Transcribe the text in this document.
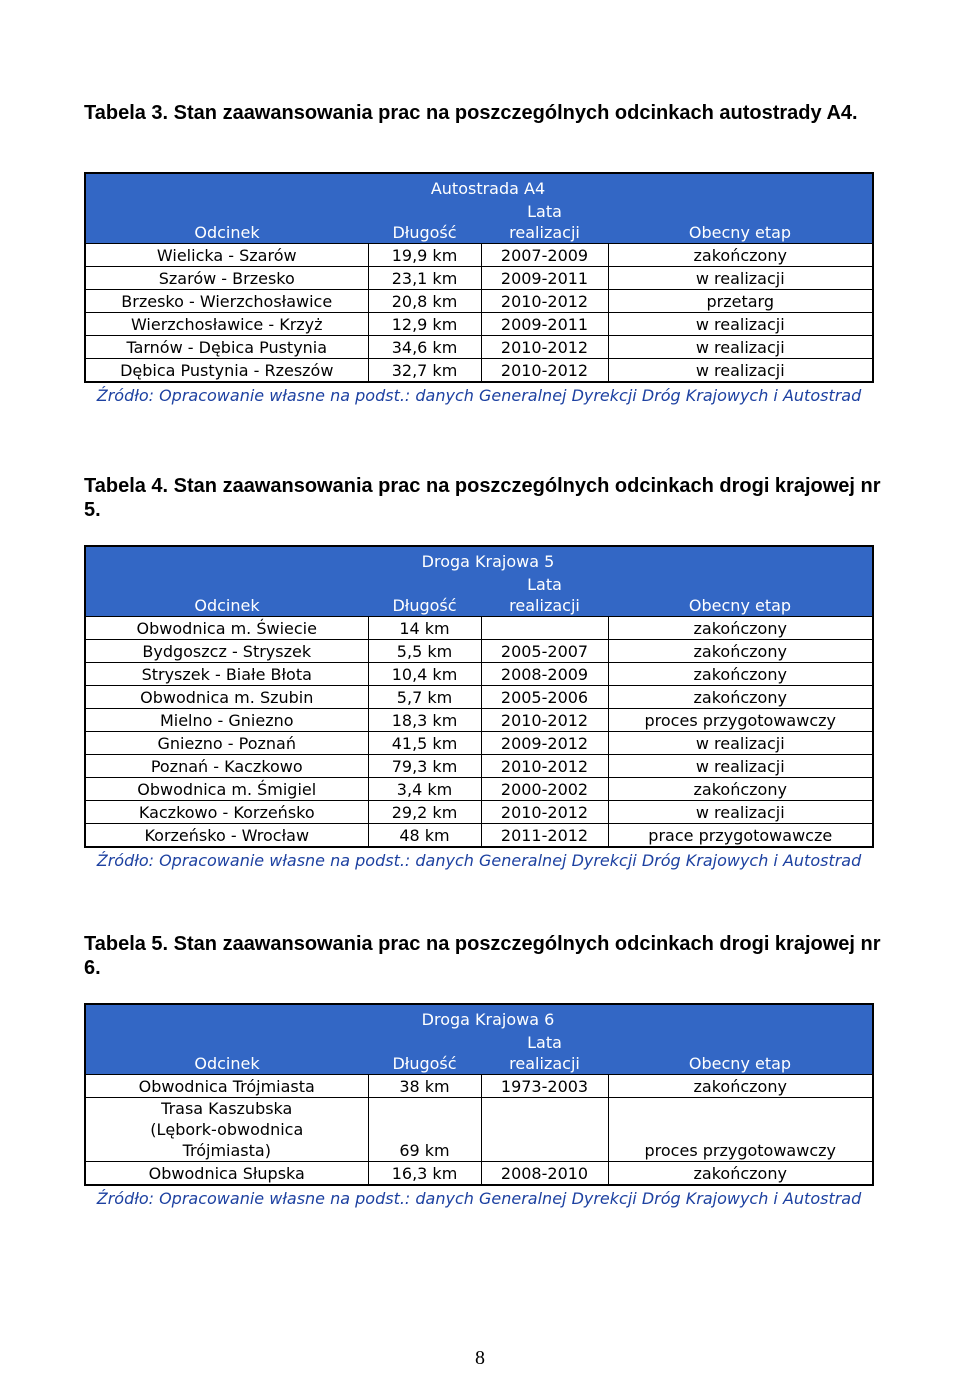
Tabela 3. Stan zaawansowania prac na poszczególnych odcinkach autostrady A4.
	Autostrada A4		
Odcinek	Długość	Lata
realizacji	Obecny etap
Wielicka - Szarów	19,9 km	2007-2009	zakończony
Szarów - Brzesko	23,1 km	2009-2011	w realizacji
Brzesko - Wierzchosławice	20,8 km	2010-2012	przetarg
Wierzchosławice - Krzyż	12,9 km	2009-2011	w realizacji
Tarnów - Dębica Pustynia	34,6 km	2010-2012	w realizacji
Dębica Pustynia - Rzeszów	32,7 km	2010-2012	w realizacji
Źródło: Opracowanie własne na podst.: danych Generalnej Dyrekcji Dróg Krajowych i Autostrad			
Tabela 4. Stan zaawansowania prac na poszczególnych odcinkach drogi krajowej nr 5.
	Droga Krajowa 5		
Odcinek	Długość	Lata
realizacji	Obecny etap
Obwodnica m. Świecie	14 km		zakończony
Bydgoszcz - Stryszek	5,5 km	2005-2007	zakończony
Stryszek - Białe Błota	10,4 km	2008-2009	zakończony
Obwodnica m. Szubin	5,7 km	2005-2006	zakończony
Mielno - Gniezno	18,3 km	2010-2012	proces przygotowawczy
Gniezno - Poznań	41,5 km	2009-2012	w realizacji
Poznań - Kaczkowo	79,3 km	2010-2012	w realizacji
Obwodnica m. Śmigiel	3,4 km	2000-2002	zakończony
Kaczkowo - Korzeńsko	29,2 km	2010-2012	w realizacji
Korzeńsko - Wrocław	48 km	2011-2012	prace przygotowawcze
Źródło: Opracowanie własne na podst.: danych Generalnej Dyrekcji Dróg Krajowych i Autostrad			
Tabela 5. Stan zaawansowania prac na poszczególnych odcinkach drogi krajowej nr 6.
	Droga Krajowa 6		
Odcinek	Długość	Lata
realizacji	Obecny etap
Obwodnica Trójmiasta	38 km	1973-2003	zakończony
Trasa Kaszubska (Lębork-obwodnica Trójmiasta)	69 km		proces przygotowawczy
Obwodnica Słupska	16,3 km	2008-2010	zakończony
Źródło: Opracowanie własne na podst.: danych Generalnej Dyrekcji Dróg Krajowych i Autostrad			
8
